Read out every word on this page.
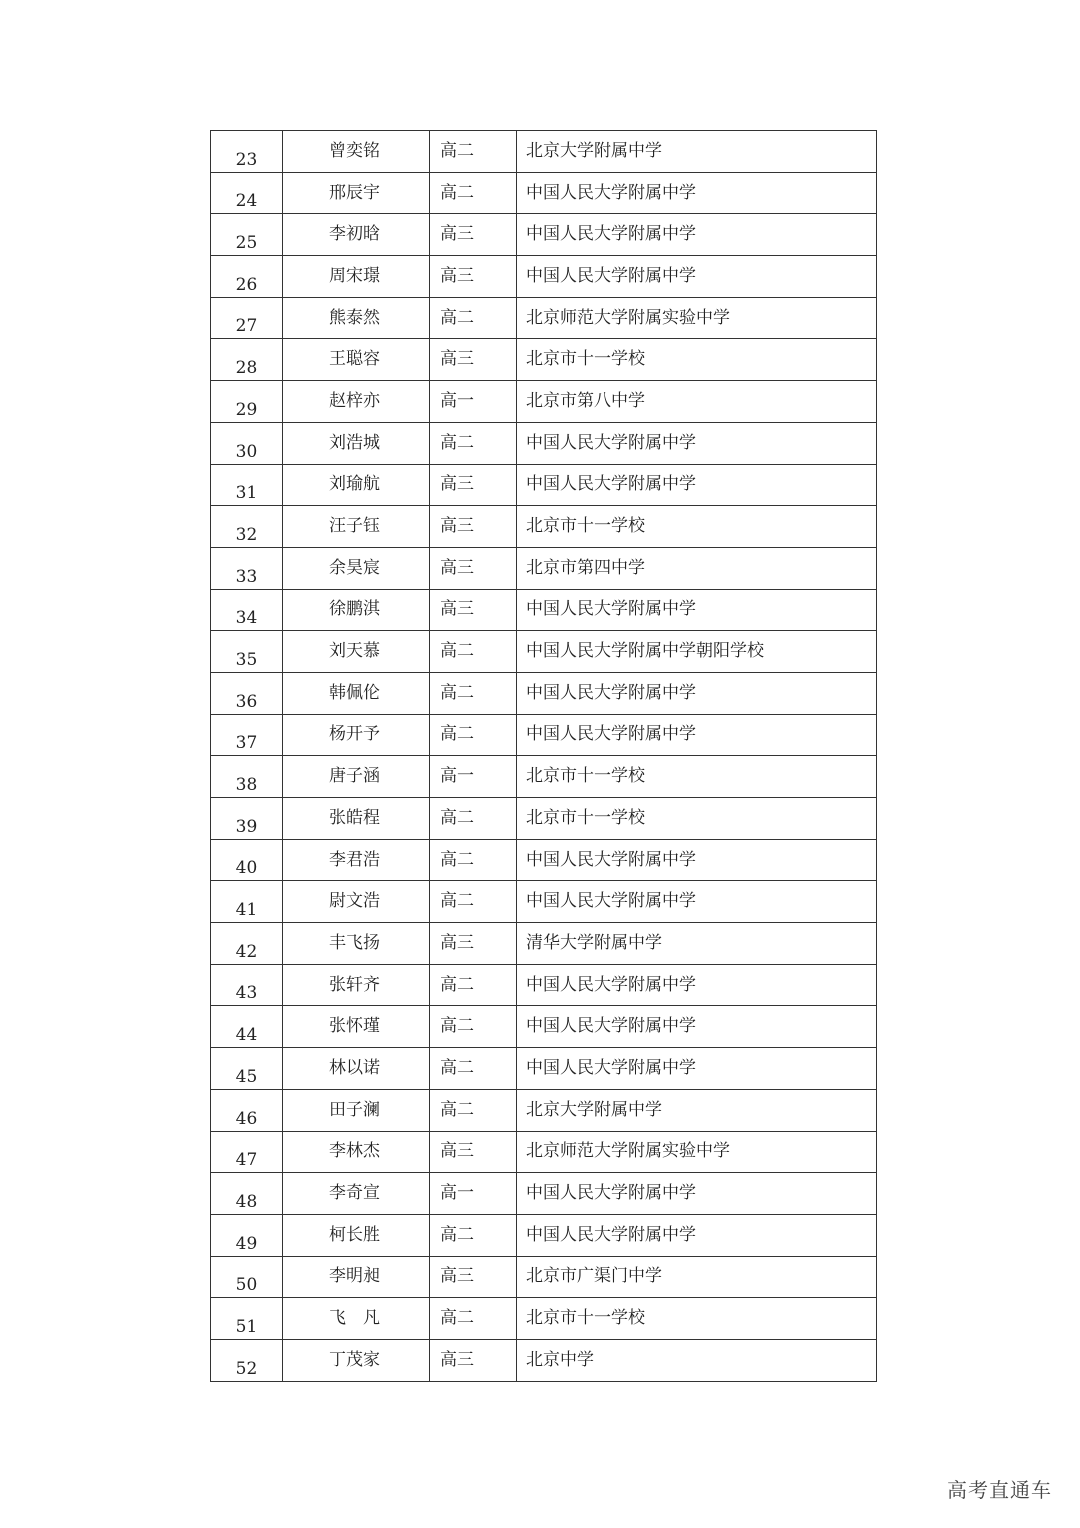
23	曾奕铭	高二	北京大学附属中学
24	邢辰宇	高二	中国人民大学附属中学
25	李初晗	高三	中国人民大学附属中学
26	周宋璟	高三	中国人民大学附属中学
27	熊泰然	高二	北京师范大学附属实验中学
28	王聪容	高三	北京市十一学校
29	赵梓亦	高一	北京市第八中学
30	刘浩城	高二	中国人民大学附属中学
31	刘瑜航	高三	中国人民大学附属中学
32	汪子钰	高三	北京市十一学校
33	余昊宸	高三	北京市第四中学
34	徐鹏淇	高三	中国人民大学附属中学
35	刘天慕	高二	中国人民大学附属中学朝阳学校
36	韩佩伦	高二	中国人民大学附属中学
37	杨开予	高二	中国人民大学附属中学
38	唐子涵	高一	北京市十一学校
39	张皓程	高二	北京市十一学校
40	李君浩	高二	中国人民大学附属中学
41	尉文浩	高二	中国人民大学附属中学
42	丰飞扬	高三	清华大学附属中学
43	张轩齐	高二	中国人民大学附属中学
44	张怀瑾	高二	中国人民大学附属中学
45	林以诺	高二	中国人民大学附属中学
46	田子澜	高二	北京大学附属中学
47	李林杰	高三	北京师范大学附属实验中学
48	李奇宣	高一	中国人民大学附属中学
49	柯长胜	高二	中国人民大学附属中学
50	李明昶	高三	北京市广渠门中学
51	飞　凡	高二	北京市十一学校
52	丁茂家	高三	北京中学
高考直通车
